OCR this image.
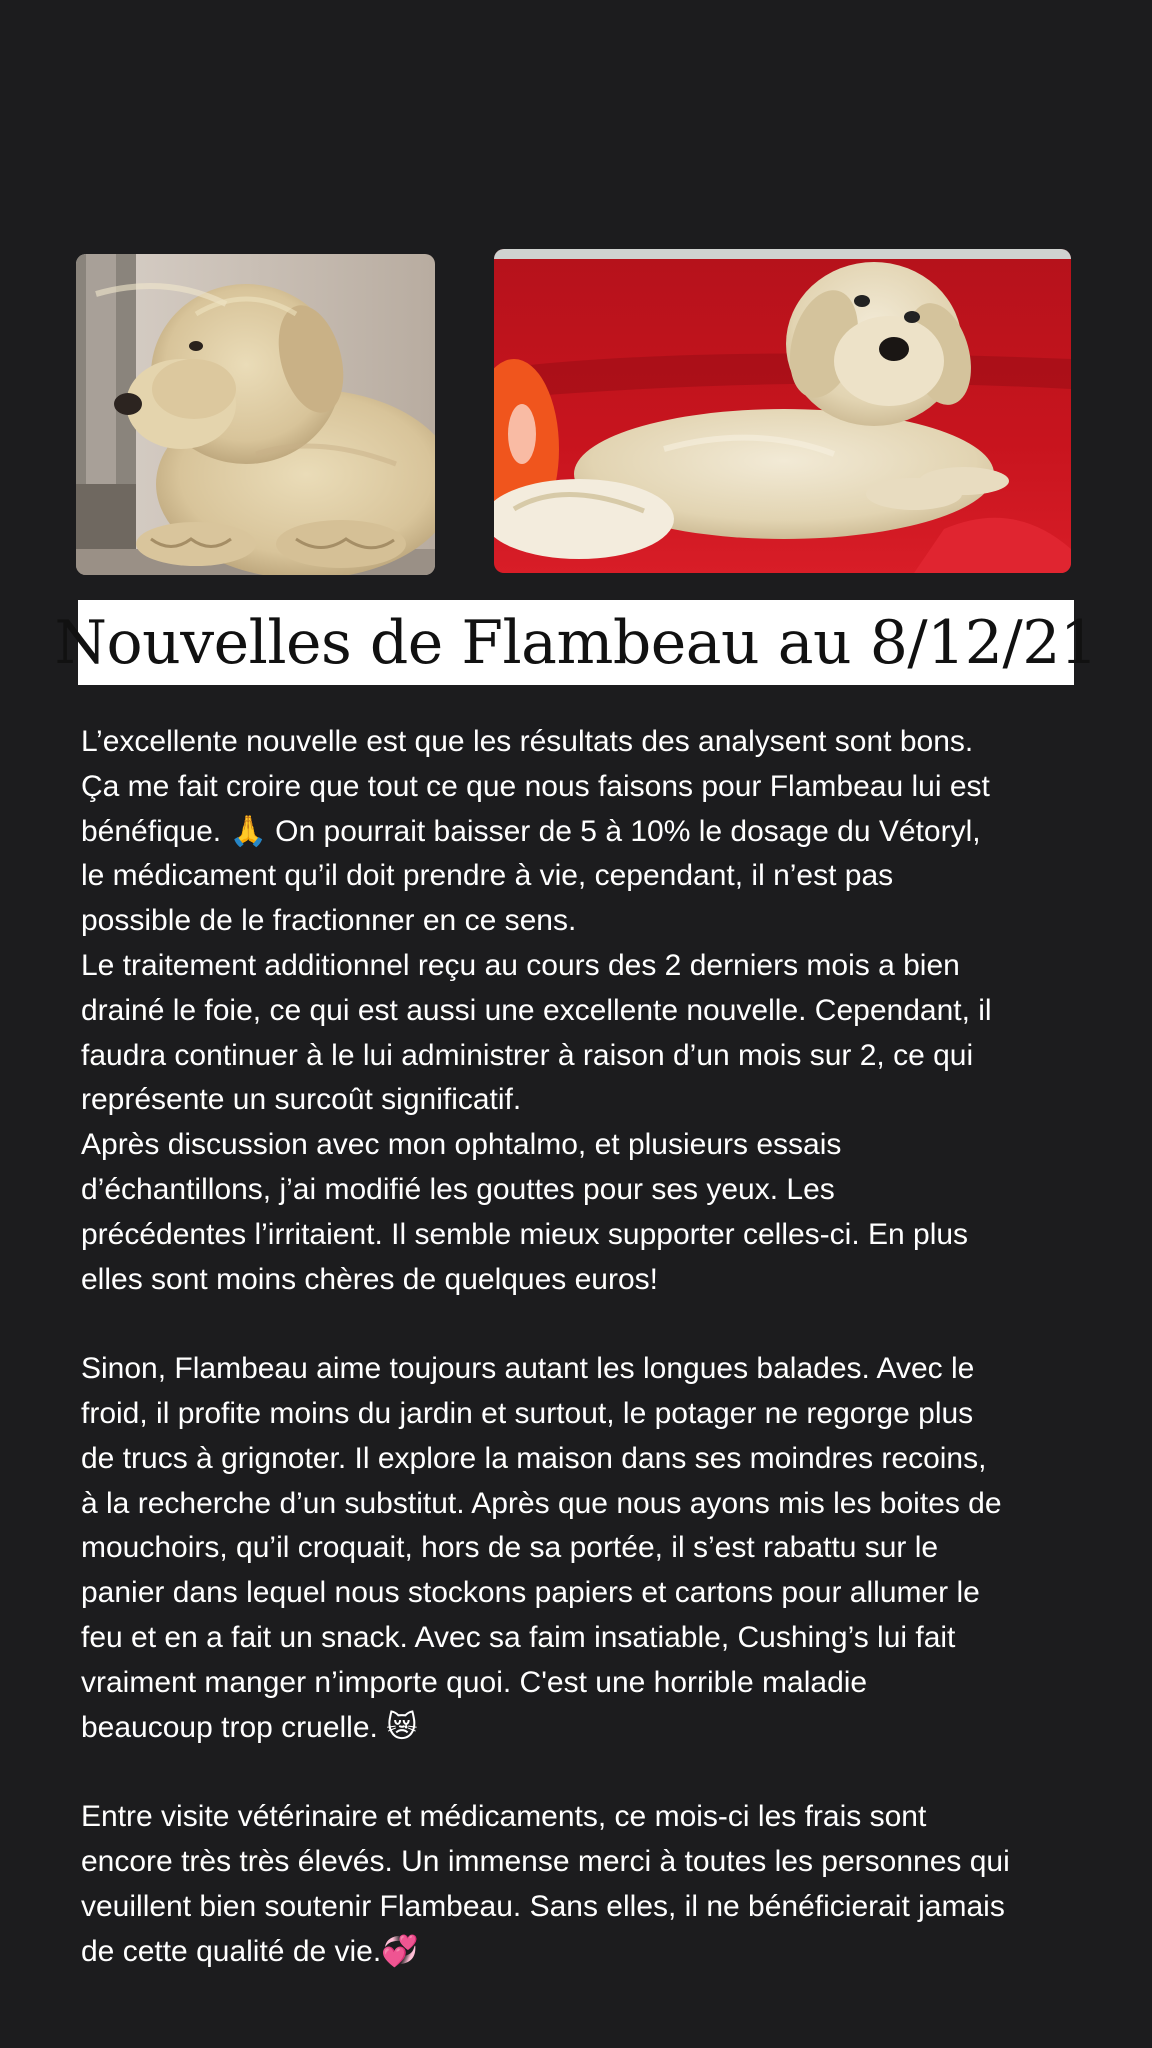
Nouvelles de Flambeau au 8/12/21

L’excellente nouvelle est que les résultats des analysent sont bons.
Ça me fait croire que tout ce que nous faisons pour Flambeau lui est
bénéfique. 🙏 On pourrait baisser de 5 à 10% le dosage du Vétoryl,
le médicament qu’il doit prendre à vie, cependant, il n’est pas
possible de le fractionner en ce sens.

Le traitement additionnel reçu au cours des 2 derniers mois a bien
drainé le foie, ce qui est aussi une excellente nouvelle. Cependant, il
faudra continuer à le lui administrer à raison d’un mois sur 2, ce qui
représente un surcoût significatif.

Après discussion avec mon ophtalmo, et plusieurs essais
d’échantillons, j’ai modifié les gouttes pour ses yeux. Les
précédentes l’irritaient. Il semble mieux supporter celles-ci. En plus
elles sont moins chères de quelques euros!

Sinon, Flambeau aime toujours autant les longues balades. Avec le
froid, il profite moins du jardin et surtout, le potager ne regorge plus
de trucs à grignoter. Il explore la maison dans ses moindres recoins,
à la recherche d’un substitut. Après que nous ayons mis les boites de
mouchoirs, qu’il croquait, hors de sa portée, il s’est rabattu sur le
panier dans lequel nous stockons papiers et cartons pour allumer le
feu et en a fait un snack. Avec sa faim insatiable, Cushing’s lui fait
vraiment manger n’importe quoi. C'est une horrible maladie
beaucoup trop cruelle. 😿

Entre visite vétérinaire et médicaments, ce mois-ci les frais sont
encore très très élevés. Un immense merci à toutes les personnes qui
veuillent bien soutenir Flambeau. Sans elles, il ne bénéficierait jamais
de cette qualité de vie.💞
